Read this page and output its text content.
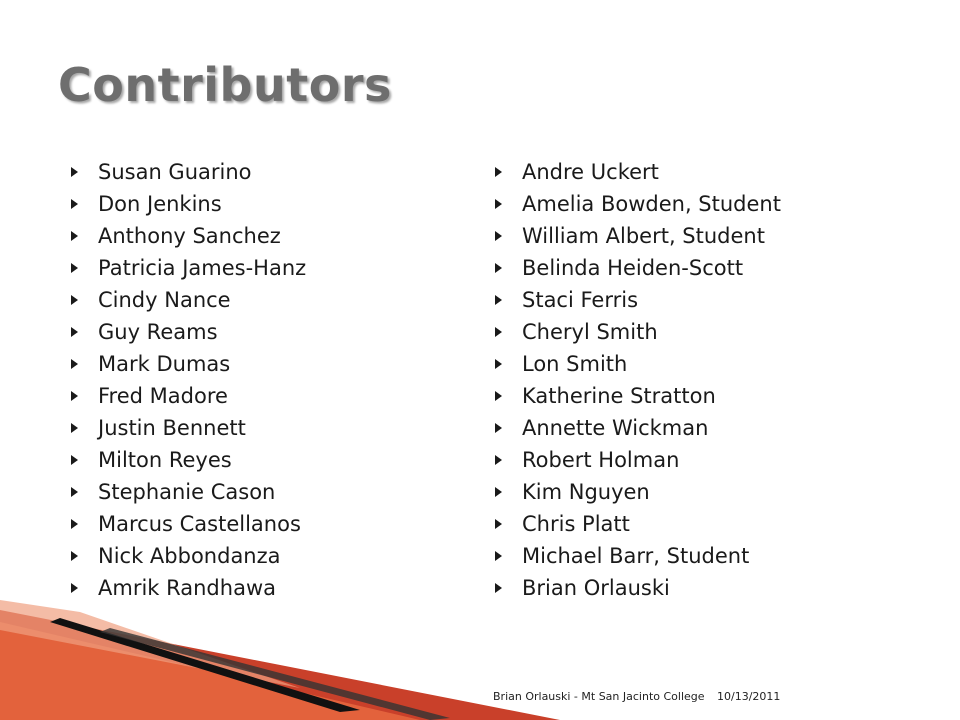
Contributors
Susan Guarino
Don Jenkins
Anthony Sanchez
Patricia James-Hanz
Cindy Nance
Guy Reams
Mark Dumas
Fred Madore
Justin Bennett
Milton Reyes
Stephanie Cason
Marcus Castellanos
Nick Abbondanza
Amrik Randhawa
Andre Uckert
Amelia Bowden, Student
William Albert, Student
Belinda Heiden-Scott
Staci Ferris
Cheryl Smith
Lon Smith
Katherine Stratton
Annette Wickman
Robert Holman
Kim Nguyen
Chris Platt
Michael Barr, Student
Brian Orlauski
Brian Orlauski - Mt San Jacinto College 10/13/2011
